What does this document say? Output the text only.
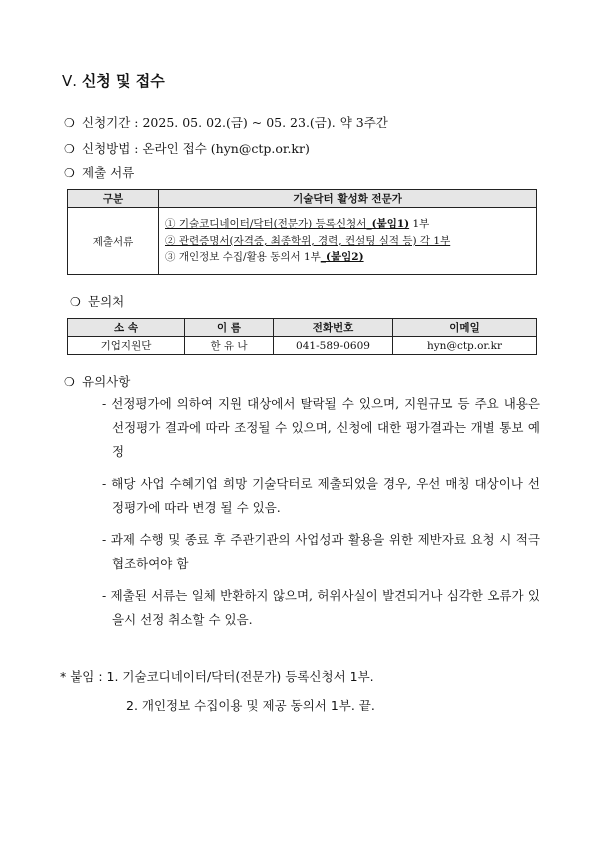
Ⅴ. 신청 및 접수
❍ 신청기간 : 2025. 05. 02.(금) ~ 05. 23.(금). 약 3주간
❍ 신청방법 : 온라인 접수 (hyn@ctp.or.kr)
❍ 제출 서류
구분	기술닥터 활성화 전문가
제출서류	① 기술코디네이터/닥터(전문가) 등록신청서_(붙임1) 1부
② 관련증명서(자격증, 최종학위, 경력, 컨설팅 실적 등) 각 1부
③ 개인정보 수집/활용 동의서 1부_(붙임2)
❍ 문의처
소 속	이 름	전화번호	이메일
기업지원단	한 유 나	041-589-0609	hyn@ctp.or.kr
❍ 유의사항
- 선정평가에 의하여 지원 대상에서 탈락될 수 있으며, 지원규모 등 주요 내용은 선정평가 결과에 따라 조정될 수 있으며, 신청에 대한 평가결과는 개별 통보 예정
- 해당 사업 수혜기업 희망 기술닥터로 제출되었을 경우, 우선 매칭 대상이나 선정평가에 따라 변경 될 수 있음.
- 과제 수행 및 종료 후 주관기관의 사업성과 활용을 위한 제반자료 요청 시 적극 협조하여야 함
- 제출된 서류는 일체 반환하지 않으며, 허위사실이 발견되거나 심각한 오류가 있을시 선정 취소할 수 있음.
* 붙임 : 1. 기술코디네이터/닥터(전문가) 등록신청서 1부.
2. 개인정보 수집이용 및 제공 동의서 1부. 끝.
